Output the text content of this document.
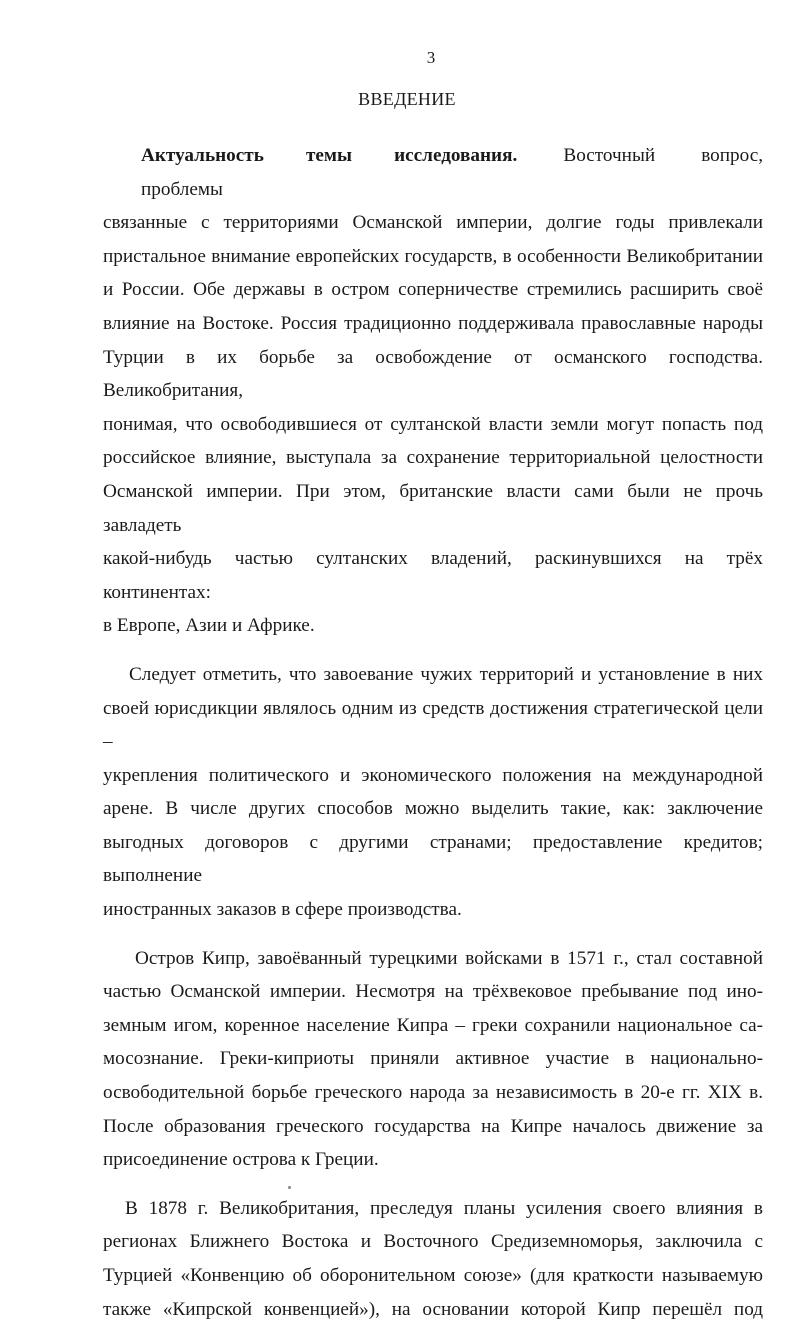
3
ВВЕДЕНИЕ
Актуальность темы исследования. Восточный вопрос, проблемы
связанные с территориями Османской империи, долгие годы привлекали
пристальное внимание европейских государств, в особенности Великобритании
и России. Обе державы в остром соперничестве стремились расширить своё
влияние на Востоке. Россия традиционно поддерживала православные народы
Турции в их борьбе за освобождение от османского господства. Великобритания,
понимая, что освободившиеся от султанской власти земли могут попасть под
российское влияние, выступала за сохранение территориальной целостности
Османской империи. При этом, британские власти сами были не прочь завладеть
какой-нибудь частью султанских владений, раскинувшихся на трёх континентах:
в Европе, Азии и Африке.
Следует отметить, что завоевание чужих территорий и установление в них
своей юрисдикции являлось одним из средств достижения стратегической цели –
укрепления политического и экономического положения на международной
арене. В числе других способов можно выделить такие, как: заключение
выгодных договоров с другими странами; предоставление кредитов; выполнение
иностранных заказов в сфере производства.
Остров Кипр, завоёванный турецкими войсками в 1571 г., стал составной
частью Османской империи. Несмотря на трёхвековое пребывание под ино-
земным игом, коренное население Кипра – греки сохранили национальное са-
мосознание. Греки-киприоты приняли активное участие в национально-
освободительной борьбе греческого народа за независимость в 20-е гг. XIX в.
После образования греческого государства на Кипре началось движение за
присоединение острова к Греции.
В 1878 г. Великобритания, преследуя планы усиления своего влияния в
регионах Ближнего Востока и Восточного Средиземноморья, заключила с
Турцией «Конвенцию об оборонительном союзе» (для краткости называемую
также «Кипрской конвенцией»), на основании которой Кипр перешёл под
